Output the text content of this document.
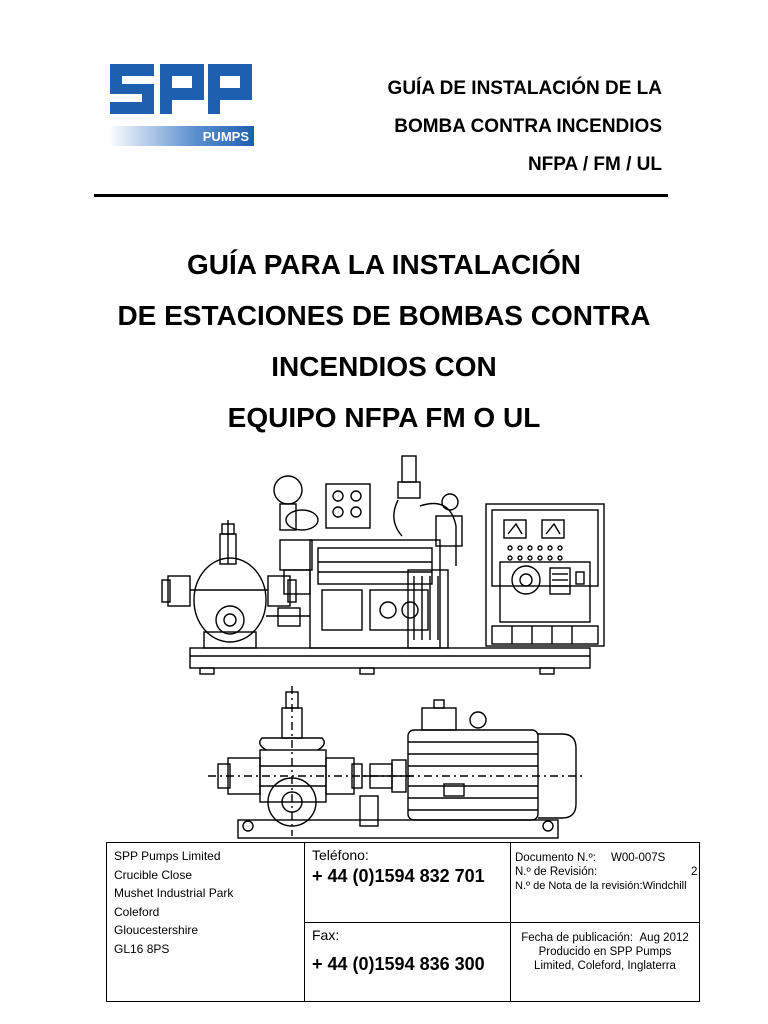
PUMPS
GUÍA DE INSTALACIÓN DE LA
BOMBA CONTRA INCENDIOS
NFPA / FM / UL
GUÍA PARA LA INSTALACIÓN
DE ESTACIONES DE BOMBAS CONTRA
INCENDIOS CON
EQUIPO NFPA FM O UL
SPP Pumps Limited
Crucible Close
Mushet Industrial Park
Coleford
Gloucestershire
GL16 8PS
Teléfono:
+ 44 (0)1594 832 701
Fax:
+ 44 (0)1594 836 300
Documento N.º: W00-007S
N.º de Revisión:	2
N.º de Nota de la revisión:Windchill
Fecha de publicación: Aug 2012
Producido en SPP Pumps
Limited, Coleford, Inglaterra
